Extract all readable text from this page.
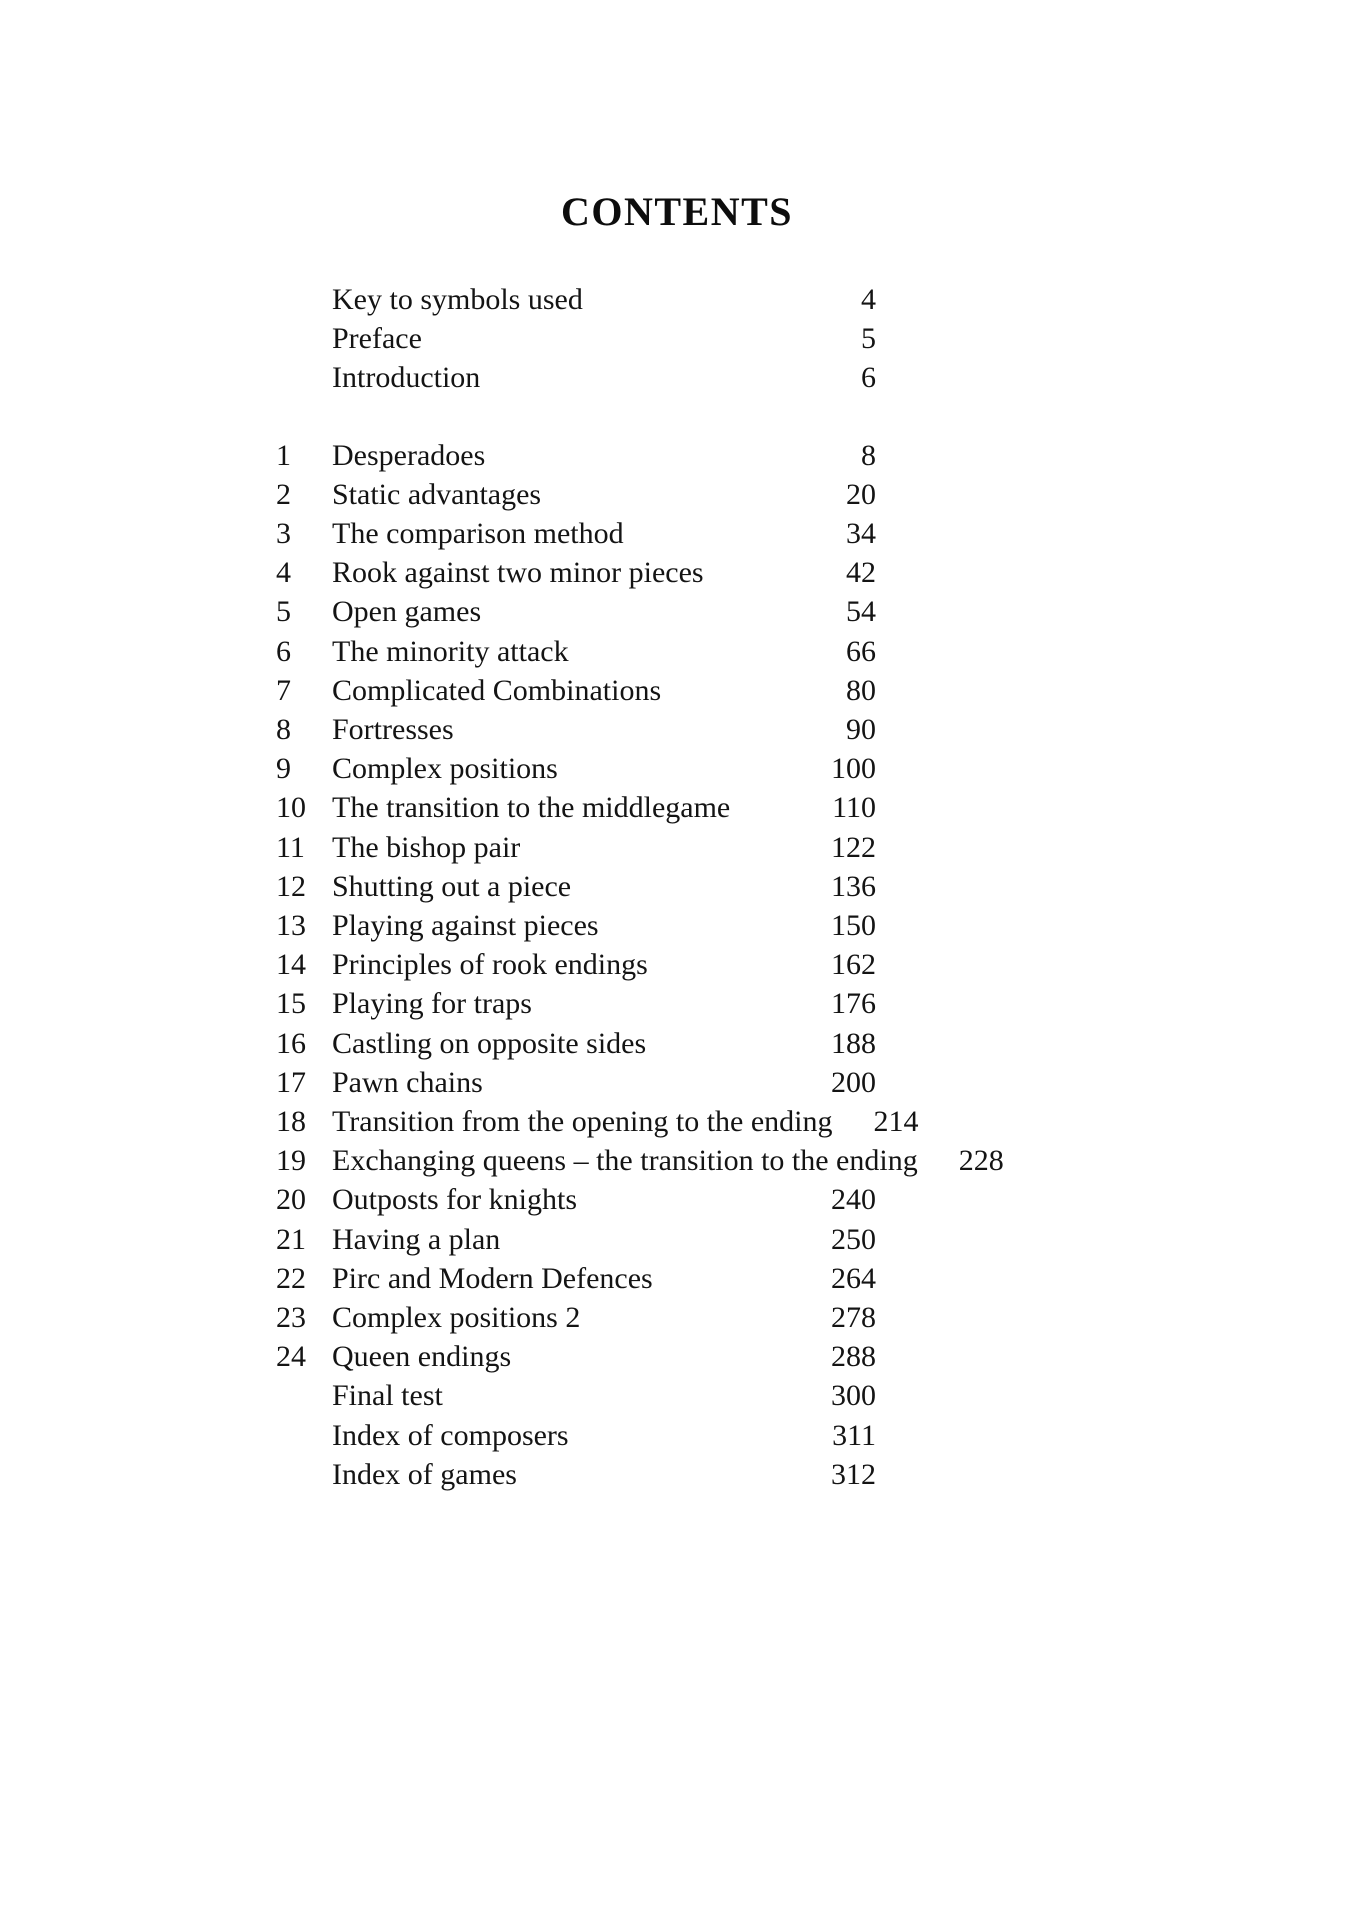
CONTENTS
Key to symbols used	4
Preface	5
Introduction	6
1	Desperadoes	8
2	Static advantages	20
3	The comparison method	34
4	Rook against two minor pieces	42
5	Open games	54
6	The minority attack	66
7	Complicated Combinations	80
8	Fortresses	90
9	Complex positions	100
10 The transition to the middlegame	110
11 The bishop pair	122
12 Shutting out a piece	136
13 Playing against pieces	150
14 Principles of rook endings	162
15 Playing for traps	176
16 Castling on opposite sides	188
17 Pawn chains	200
18 Transition from the opening to the ending	214
19 Exchanging queens – the transition to the ending	228
20 Outposts for knights	240
21 Having a plan	250
22 Pirc and Modern Defences	264
23 Complex positions 2	278
24 Queen endings	288
Final test	300
Index of composers	311
Index of games	312
